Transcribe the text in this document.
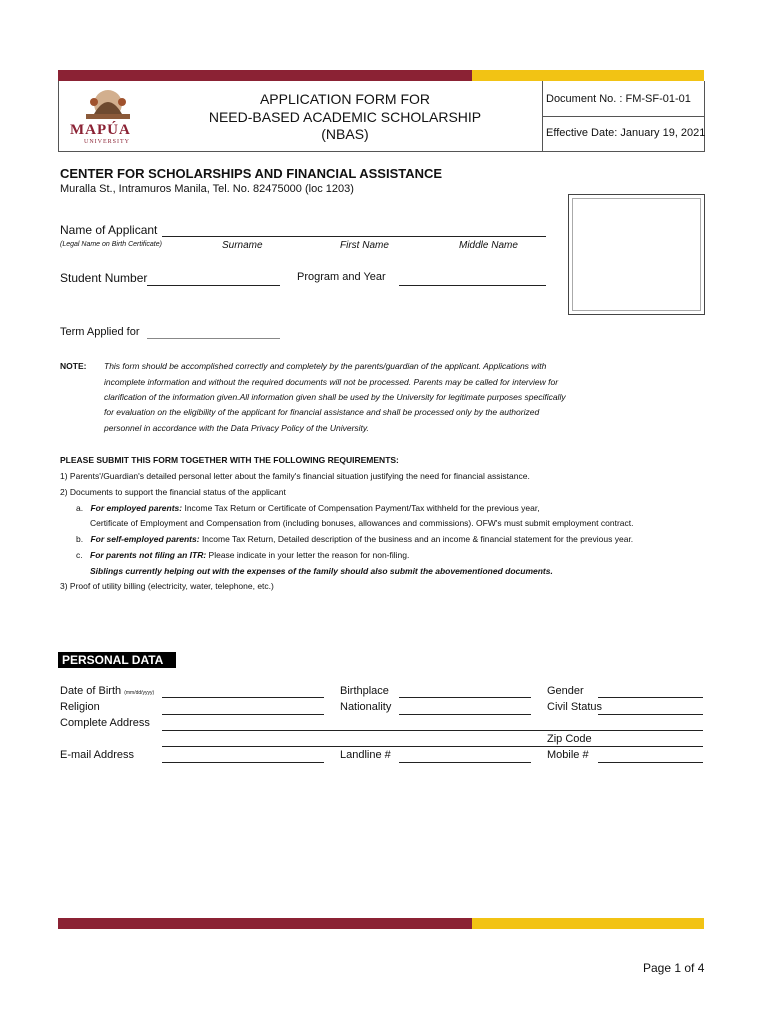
MAPÚA
UNIVERSITY
APPLICATION FORM FOR
NEED-BASED ACADEMIC SCHOLARSHIP
(NBAS)
Document No. : FM-SF-01-01
Effective Date: January 19, 2021
CENTER FOR SCHOLARSHIPS AND FINANCIAL ASSISTANCE
Muralla St., Intramuros Manila, Tel. No. 82475000 (loc 1203)
Name of Applicant
(Legal Name on Birth Certificate)	Surname	First Name	Middle Name
Student Number	Program and Year
Term Applied for
NOTE: This form should be accomplished correctly and completely by the parents/guardian of the applicant. Applications with
incomplete information and without the required documents will not be processed. Parents may be called for interview for
clarification of the information given.All information given shall be used by the University for legitimate purposes specifically
for evaluation on the eligibility of the applicant for financial assistance and shall be processed only by the authorized
personnel in accordance with the Data Privacy Policy of the University.
PLEASE SUBMIT THIS FORM TOGETHER WITH THE FOLLOWING REQUIREMENTS:
1) Parents'/Guardian's detailed personal letter about the family's financial situation justifying the need for financial assistance.
2) Documents to support the financial status of the applicant
a. For employed parents: Income Tax Return or Certificate of Compensation Payment/Tax withheld for the previous year,
Certificate of Employment and Compensation from (including bonuses, allowances and commissions). OFW's must submit employment contract.
b. For self-employed parents: Income Tax Return, Detailed description of the business and an income & financial statement for the previous year.
c. For parents not filing an ITR: Please indicate in your letter the reason for non-filing.
Siblings currently helping out with the expenses of the family should also submit the abovementioned documents.
3) Proof of utility billing (electricity, water, telephone, etc.)
PERSONAL DATA
Date of Birth (mm/dd/yyyy)	Birthplace	Gender
Religion	Nationality	Civil Status
Complete Address
Zip Code
E-mail Address	Landline #	Mobile #
Page 1 of 4
